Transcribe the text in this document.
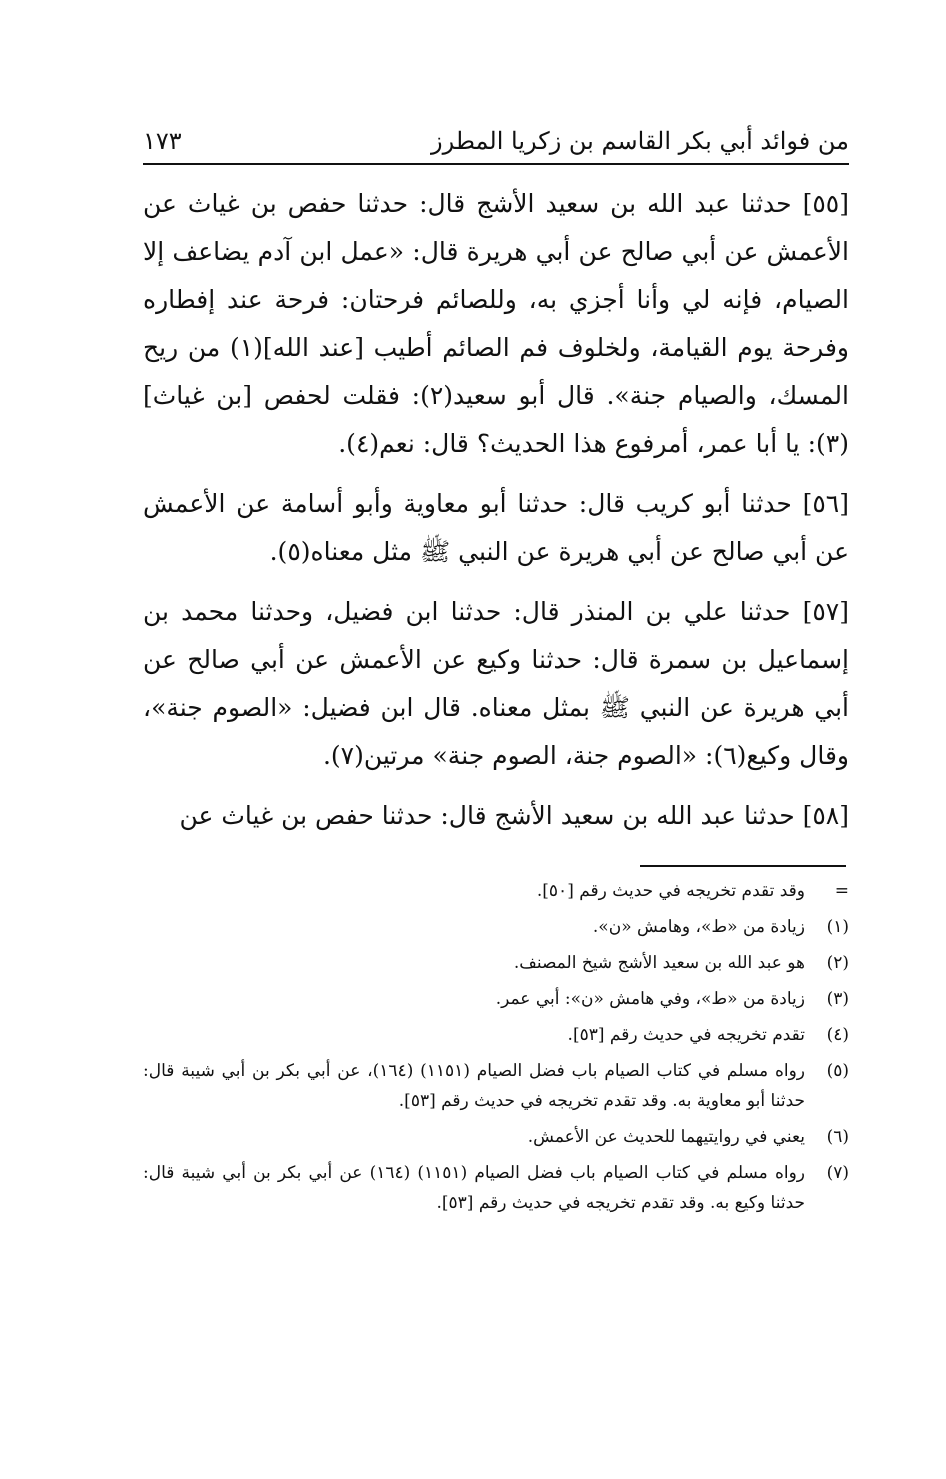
من فوائد أبي بكر القاسم بن زكريا المطرز
١٧٣

[٥٥] حدثنا عبد الله بن سعيد الأشج قال: حدثنا حفص بن غياث عن الأعمش عن أبي صالح عن أبي هريرة قال: «عمل ابن آدم يضاعف إلا الصيام، فإنه لي وأنا أجزي به، وللصائم فرحتان: فرحة عند إفطاره وفرحة يوم القيامة، ولخلوف فم الصائم أطيب [عند الله](١) من ريح المسك، والصيام جنة». قال أبو سعيد(٢): فقلت لحفص [بن غياث](٣): يا أبا عمر، أمرفوع هذا الحديث؟ قال: نعم(٤).

[٥٦] حدثنا أبو كريب قال: حدثنا أبو معاوية وأبو أسامة عن الأعمش عن أبي صالح عن أبي هريرة عن النبي ﷺ مثل معناه(٥).

[٥٧] حدثنا علي بن المنذر قال: حدثنا ابن فضيل، وحدثنا محمد بن إسماعيل بن سمرة قال: حدثنا وكيع عن الأعمش عن أبي صالح عن أبي هريرة عن النبي ﷺ بمثل معناه. قال ابن فضيل: «الصوم جنة»، وقال وكيع(٦): «الصوم جنة، الصوم جنة» مرتين(٧).

[٥٨] حدثنا عبد الله بن سعيد الأشج قال: حدثنا حفص بن غياث عن

=
وقد تقدم تخريجه في حديث رقم [٥٠].
(١)
زيادة من «ط»، وهامش «ن».
(٢)
هو عبد الله بن سعيد الأشج شيخ المصنف.
(٣)
زيادة من «ط»، وفي هامش «ن»: أبي عمر.
(٤)
تقدم تخريجه في حديث رقم [٥٣].
(٥)
رواه مسلم في كتاب الصيام باب فضل الصيام (١١٥١) (١٦٤)، عن أبي بكر بن أبي شيبة قال: حدثنا أبو معاوية به. وقد تقدم تخريجه في حديث رقم [٥٣].
(٦)
يعني في روايتيهما للحديث عن الأعمش.
(٧)
رواه مسلم في كتاب الصيام باب فضل الصيام (١١٥١) (١٦٤) عن أبي بكر بن أبي شيبة قال: حدثنا وكيع به. وقد تقدم تخريجه في حديث رقم [٥٣].
